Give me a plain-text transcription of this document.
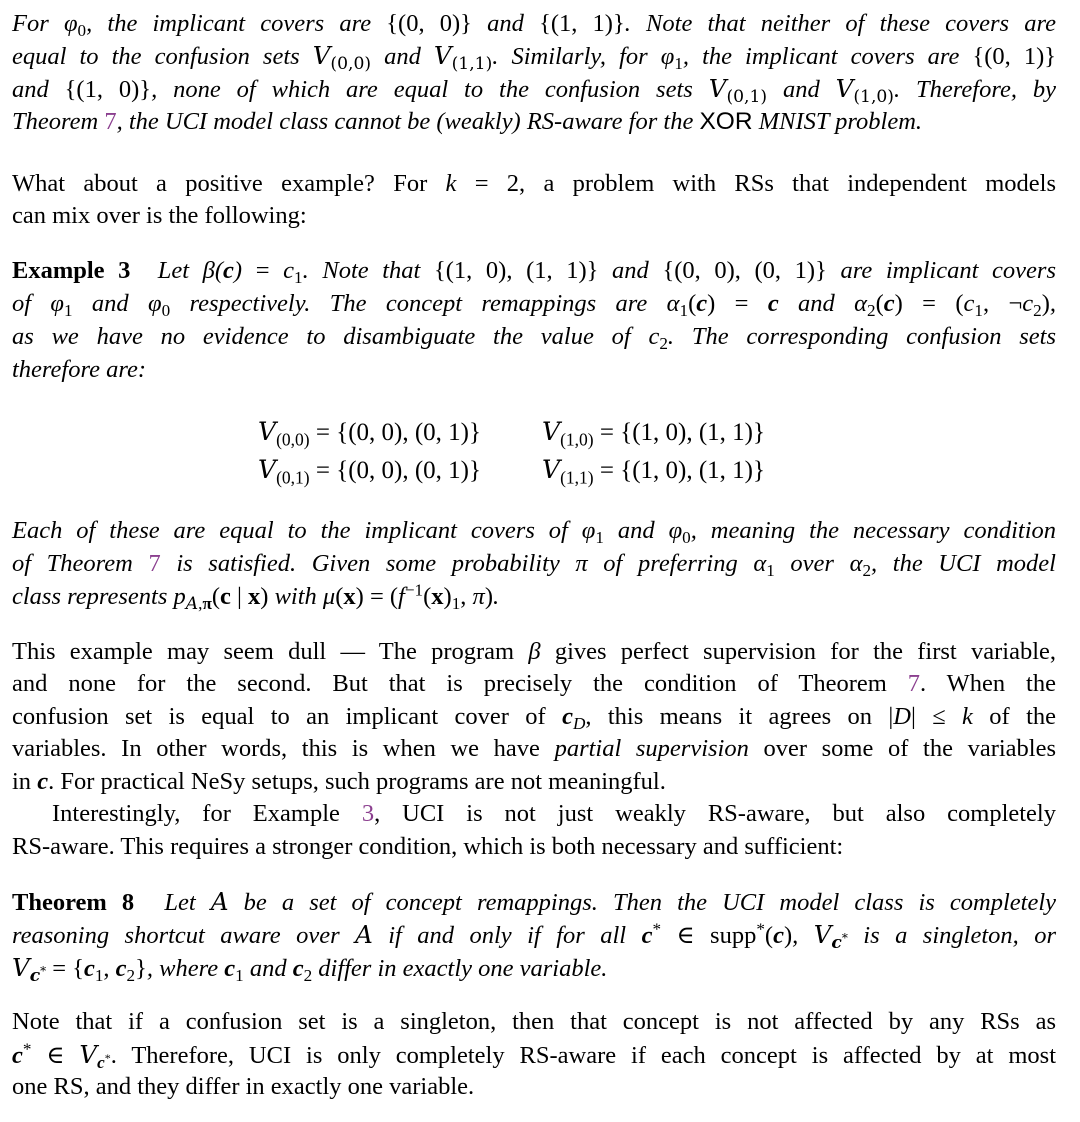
For $\varphi_0$, the implicant covers are {(0, 0)} and {(1, 1)}. Note that neither of these covers are
equal to the confusion sets $V_{(0,0)}$ and $V_{(1,1)}$. Similarly, for $\varphi_1$, the implicant covers are {(0, 1)}
and {(1, 0)}, none of which are equal to the confusion sets $V_{(0,1)}$ and $V_{(1,0)}$. Therefore, by
Theorem 7, the UCI model class cannot be (weakly) RS-aware for the XOR MNIST problem.
What about a positive example? For k = 2, a problem with RSs that independent models
can mix over is the following:
Example 3 Let $\beta(c) = c_1$. Note that {(1, 0), (1, 1)} and {(0, 0), (0, 1)} are implicant covers
of $\varphi_1$ and $\varphi_0$ respectively. The concept remappings are $\alpha_1(c) = c$ and $\alpha_2(c) = (c_1$, $\neg c_2$),
as we have no evidence to disambiguate the value of $c_2$. The corresponding confusion sets
therefore are:
$V_{(0,0)} = \{(0$, 0), (0, 1)} $V_{(1,0)} = \{(1$, 0), (1, 1)}
$V_{(0,1)} = \{(0$, 0), (0, 1)} $V_{(1,1)} = \{(1$, 0), (1, 1)}
Each of these are equal to the implicant covers of $\varphi_1$ and $\varphi_0$, meaning the necessary condition
of Theorem 7 is satisfied. Given some probability π of preferring $\alpha_1$ over $\alpha_2$, the UCI model
class represents $p_{A,\pi}(c$ | x) with $\mu(x) = (f^{-1}(x)_1$, π).
This example may seem dull — The program β gives perfect supervision for the first variable,
and none for the second. But that is precisely the condition of Theorem 7. When the
confusion set is equal to an implicant cover of $c_D$, this means it agrees on |D| ≤ k of the
variables. In other words, this is when we have partial supervision over some of the variables
in c. For practical NeSy setups, such programs are not meaningful.
Interestingly, for Example 3, UCI is not just weakly RS-aware, but also completely
RS-aware. This requires a stronger condition, which is both necessary and sufficient:
Theorem 8 Let A be a set of concept remappings. Then the UCI model class is completely
reasoning shortcut aware over A if and only if for all c* ∈ supp*(c), $V_{c^*}$ is a singleton, or
$V_{c^*} = \{c_1$, $c_2$}, where $c_1$ and $c_2$ differ in exactly one variable.
Note that if a confusion set is a singleton, then that concept is not affected by any RSs as
c* ∈ $V_{c^*}$. Therefore, UCI is only completely RS-aware if each concept is affected by at most
one RS, and they differ in exactly one variable.
